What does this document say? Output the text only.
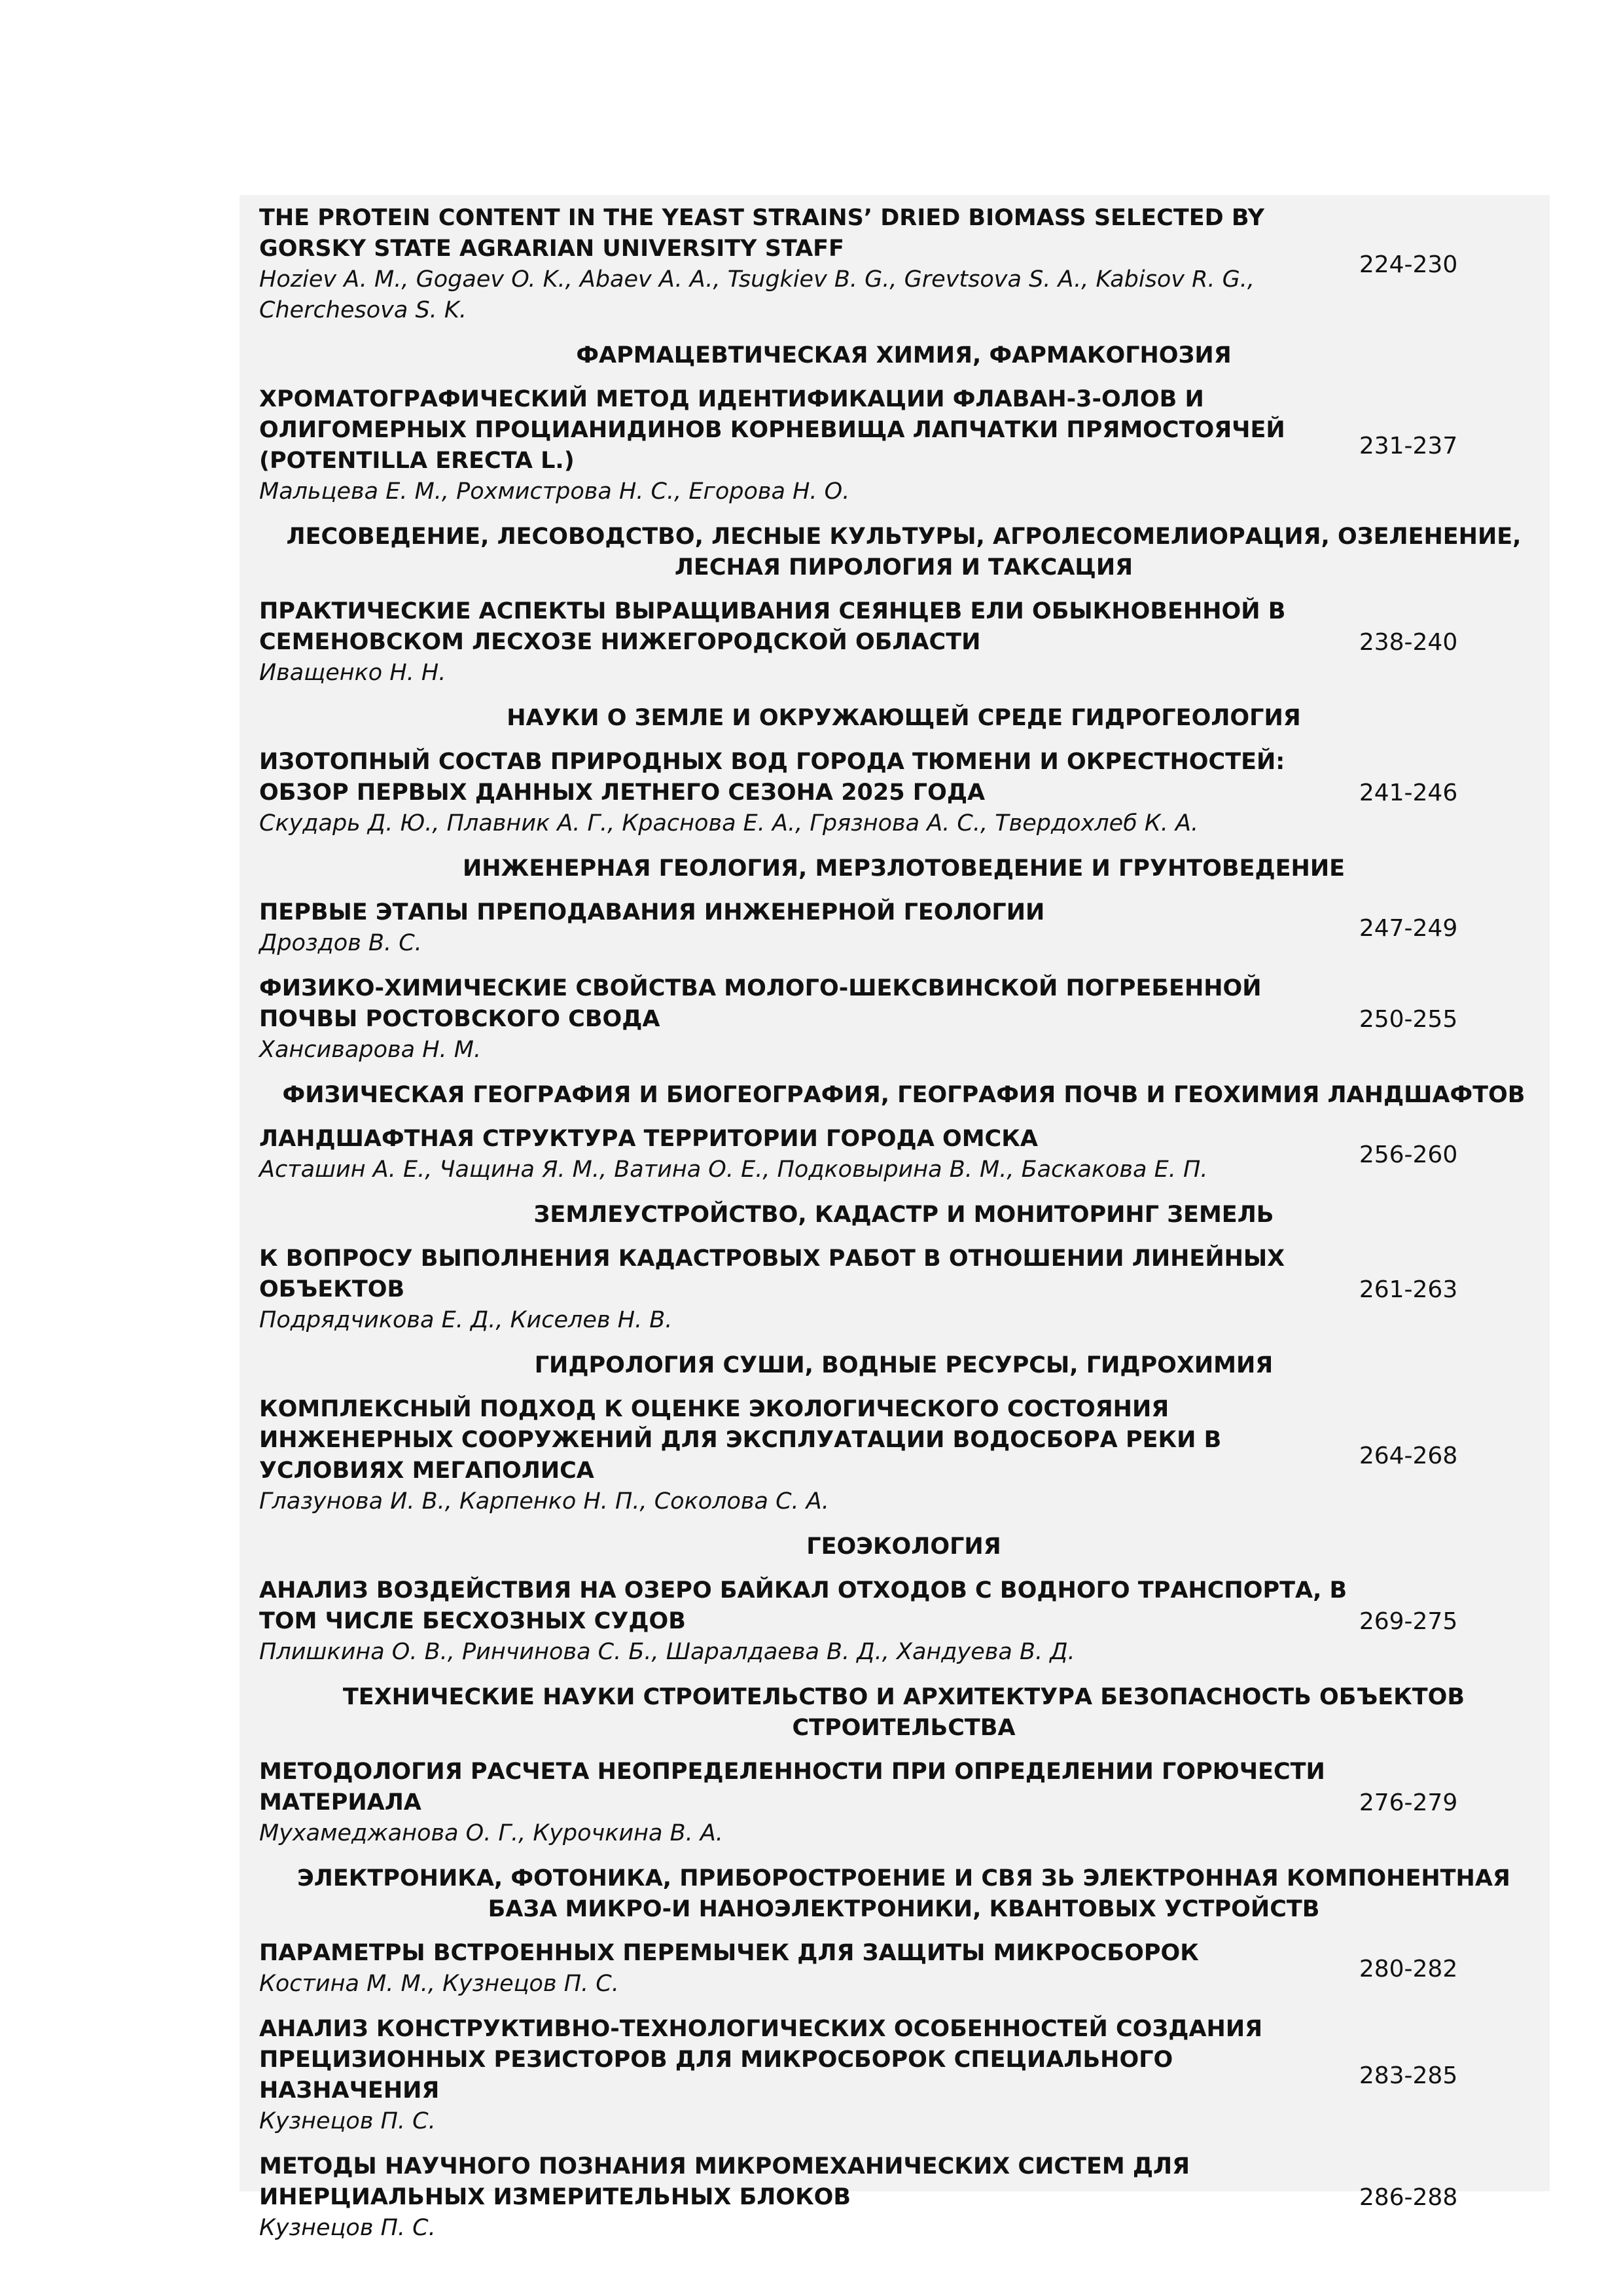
THE PROTEIN CONTENT IN THE YEAST STRAINS’ DRIED BIOMASS SELECTED BY GORSKY STATE AGRARIAN UNIVERSITY STAFF
Hoziev A. M., Gogaev O. K., Abaev A. A., Tsugkiev B. G., Grevtsova S. A., Kabisov R. G., Cherchesova S. K.
224-230
ФАРМАЦЕВТИЧЕСКАЯ ХИМИЯ, ФАРМАКОГНОЗИЯ
ХРОМАТОГРАФИЧЕСКИЙ МЕТОД ИДЕНТИФИКАЦИИ ФЛАВАН-3-ОЛОВ И ОЛИГОМЕРНЫХ ПРОЦИАНИДИНОВ КОРНЕВИЩА ЛАПЧАТКИ ПРЯМОСТОЯЧЕЙ (POTENTILLA ERECTA L.)
Мальцева Е. М., Рохмистрова Н. С., Егорова Н. О.
231-237
ЛЕСОВЕДЕНИЕ, ЛЕСОВОДСТВО, ЛЕСНЫЕ КУЛЬТУРЫ, АГРОЛЕСОМЕЛИОРАЦИЯ, ОЗЕЛЕНЕНИЕ, ЛЕСНАЯ ПИРОЛОГИЯ И ТАКСАЦИЯ
ПРАКТИЧЕСКИЕ АСПЕКТЫ ВЫРАЩИВАНИЯ СЕЯНЦЕВ ЕЛИ ОБЫКНОВЕННОЙ В СЕМЕНОВСКОМ ЛЕСХОЗЕ НИЖЕГОРОДСКОЙ ОБЛАСТИ
Иващенко Н. Н.
238-240
НАУКИ О ЗЕМЛЕ И ОКРУЖАЮЩЕЙ СРЕДЕ ГИДРОГЕОЛОГИЯ
ИЗОТОПНЫЙ СОСТАВ ПРИРОДНЫХ ВОД ГОРОДА ТЮМЕНИ И ОКРЕСТНОСТЕЙ: ОБЗОР ПЕРВЫХ ДАННЫХ ЛЕТНЕГО СЕЗОНА 2025 ГОДА
Скударь Д. Ю., Плавник А. Г., Краснова Е. А., Грязнова А. С., Твердохлеб К. А.
241-246
ИНЖЕНЕРНАЯ ГЕОЛОГИЯ, МЕРЗЛОТОВЕДЕНИЕ И ГРУНТОВЕДЕНИЕ
ПЕРВЫЕ ЭТАПЫ ПРЕПОДАВАНИЯ ИНЖЕНЕРНОЙ ГЕОЛОГИИ
Дроздов В. С.
247-249
ФИЗИКО-ХИМИЧЕСКИЕ СВОЙСТВА МОЛОГО-ШЕКСВИНСКОЙ ПОГРЕБЕННОЙ ПОЧВЫ РОСТОВСКОГО СВОДА
Хансиварова Н. М.
250-255
ФИЗИЧЕСКАЯ ГЕОГРАФИЯ И БИОГЕОГРАФИЯ, ГЕОГРАФИЯ ПОЧВ И ГЕОХИМИЯ ЛАНДШАФТОВ
ЛАНДШАФТНАЯ СТРУКТУРА ТЕРРИТОРИИ ГОРОДА ОМСКА
Асташин А. Е., Чащина Я. М., Ватина О. Е., Подковырина В. М., Баскакова Е. П.
256-260
ЗЕМЛЕУСТРОЙСТВО, КАДАСТР И МОНИТОРИНГ ЗЕМЕЛЬ
К ВОПРОСУ ВЫПОЛНЕНИЯ КАДАСТРОВЫХ РАБОТ В ОТНОШЕНИИ ЛИНЕЙНЫХ ОБЪЕКТОВ
Подрядчикова Е. Д., Киселев Н. В.
261-263
ГИДРОЛОГИЯ СУШИ, ВОДНЫЕ РЕСУРСЫ, ГИДРОХИМИЯ
КОМПЛЕКСНЫЙ ПОДХОД К ОЦЕНКЕ ЭКОЛОГИЧЕСКОГО СОСТОЯНИЯ ИНЖЕНЕРНЫХ СООРУЖЕНИЙ ДЛЯ ЭКСПЛУАТАЦИИ ВОДОСБОРА РЕКИ В УСЛОВИЯХ МЕГАПОЛИСА
Глазунова И. В., Карпенко Н. П., Соколова С. А.
264-268
ГЕОЭКОЛОГИЯ
АНАЛИЗ ВОЗДЕЙСТВИЯ НА ОЗЕРО БАЙКАЛ ОТХОДОВ С ВОДНОГО ТРАНСПОРТА, В ТОМ ЧИСЛЕ БЕСХОЗНЫХ СУДОВ
Плишкина О. В., Ринчинова С. Б., Шаралдаева В. Д., Хандуева В. Д.
269-275
ТЕХНИЧЕСКИЕ НАУКИ СТРОИТЕЛЬСТВО И АРХИТЕКТУРА БЕЗОПАСНОСТЬ ОБЪЕКТОВ СТРОИТЕЛЬСТВА
МЕТОДОЛОГИЯ РАСЧЕТА НЕОПРЕДЕЛЕННОСТИ ПРИ ОПРЕДЕЛЕНИИ ГОРЮЧЕСТИ МАТЕРИАЛА
Мухамеджанова О. Г., Курочкина В. А.
276-279
ЭЛЕКТРОНИКА, ФОТОНИКА, ПРИБОРОСТРОЕНИЕ И СВЯ ЗЬ ЭЛЕКТРОННАЯ КОМПОНЕНТНАЯ БАЗА МИКРО-И НАНОЭЛЕКТРОНИКИ, КВАНТОВЫХ УСТРОЙСТВ
ПАРАМЕТРЫ ВСТРОЕННЫХ ПЕРЕМЫЧЕК ДЛЯ ЗАЩИТЫ МИКРОСБОРОК
Костина М. М., Кузнецов П. С.
280-282
АНАЛИЗ КОНСТРУКТИВНО-ТЕХНОЛОГИЧЕСКИХ ОСОБЕННОСТЕЙ СОЗДАНИЯ ПРЕЦИЗИОННЫХ РЕЗИСТОРОВ ДЛЯ МИКРОСБОРОК СПЕЦИАЛЬНОГО НАЗНАЧЕНИЯ
Кузнецов П. С.
283-285
МЕТОДЫ НАУЧНОГО ПОЗНАНИЯ МИКРОМЕХАНИЧЕСКИХ СИСТЕМ ДЛЯ ИНЕРЦИАЛЬНЫХ ИЗМЕРИТЕЛЬНЫХ БЛОКОВ
Кузнецов П. С.
286-288
